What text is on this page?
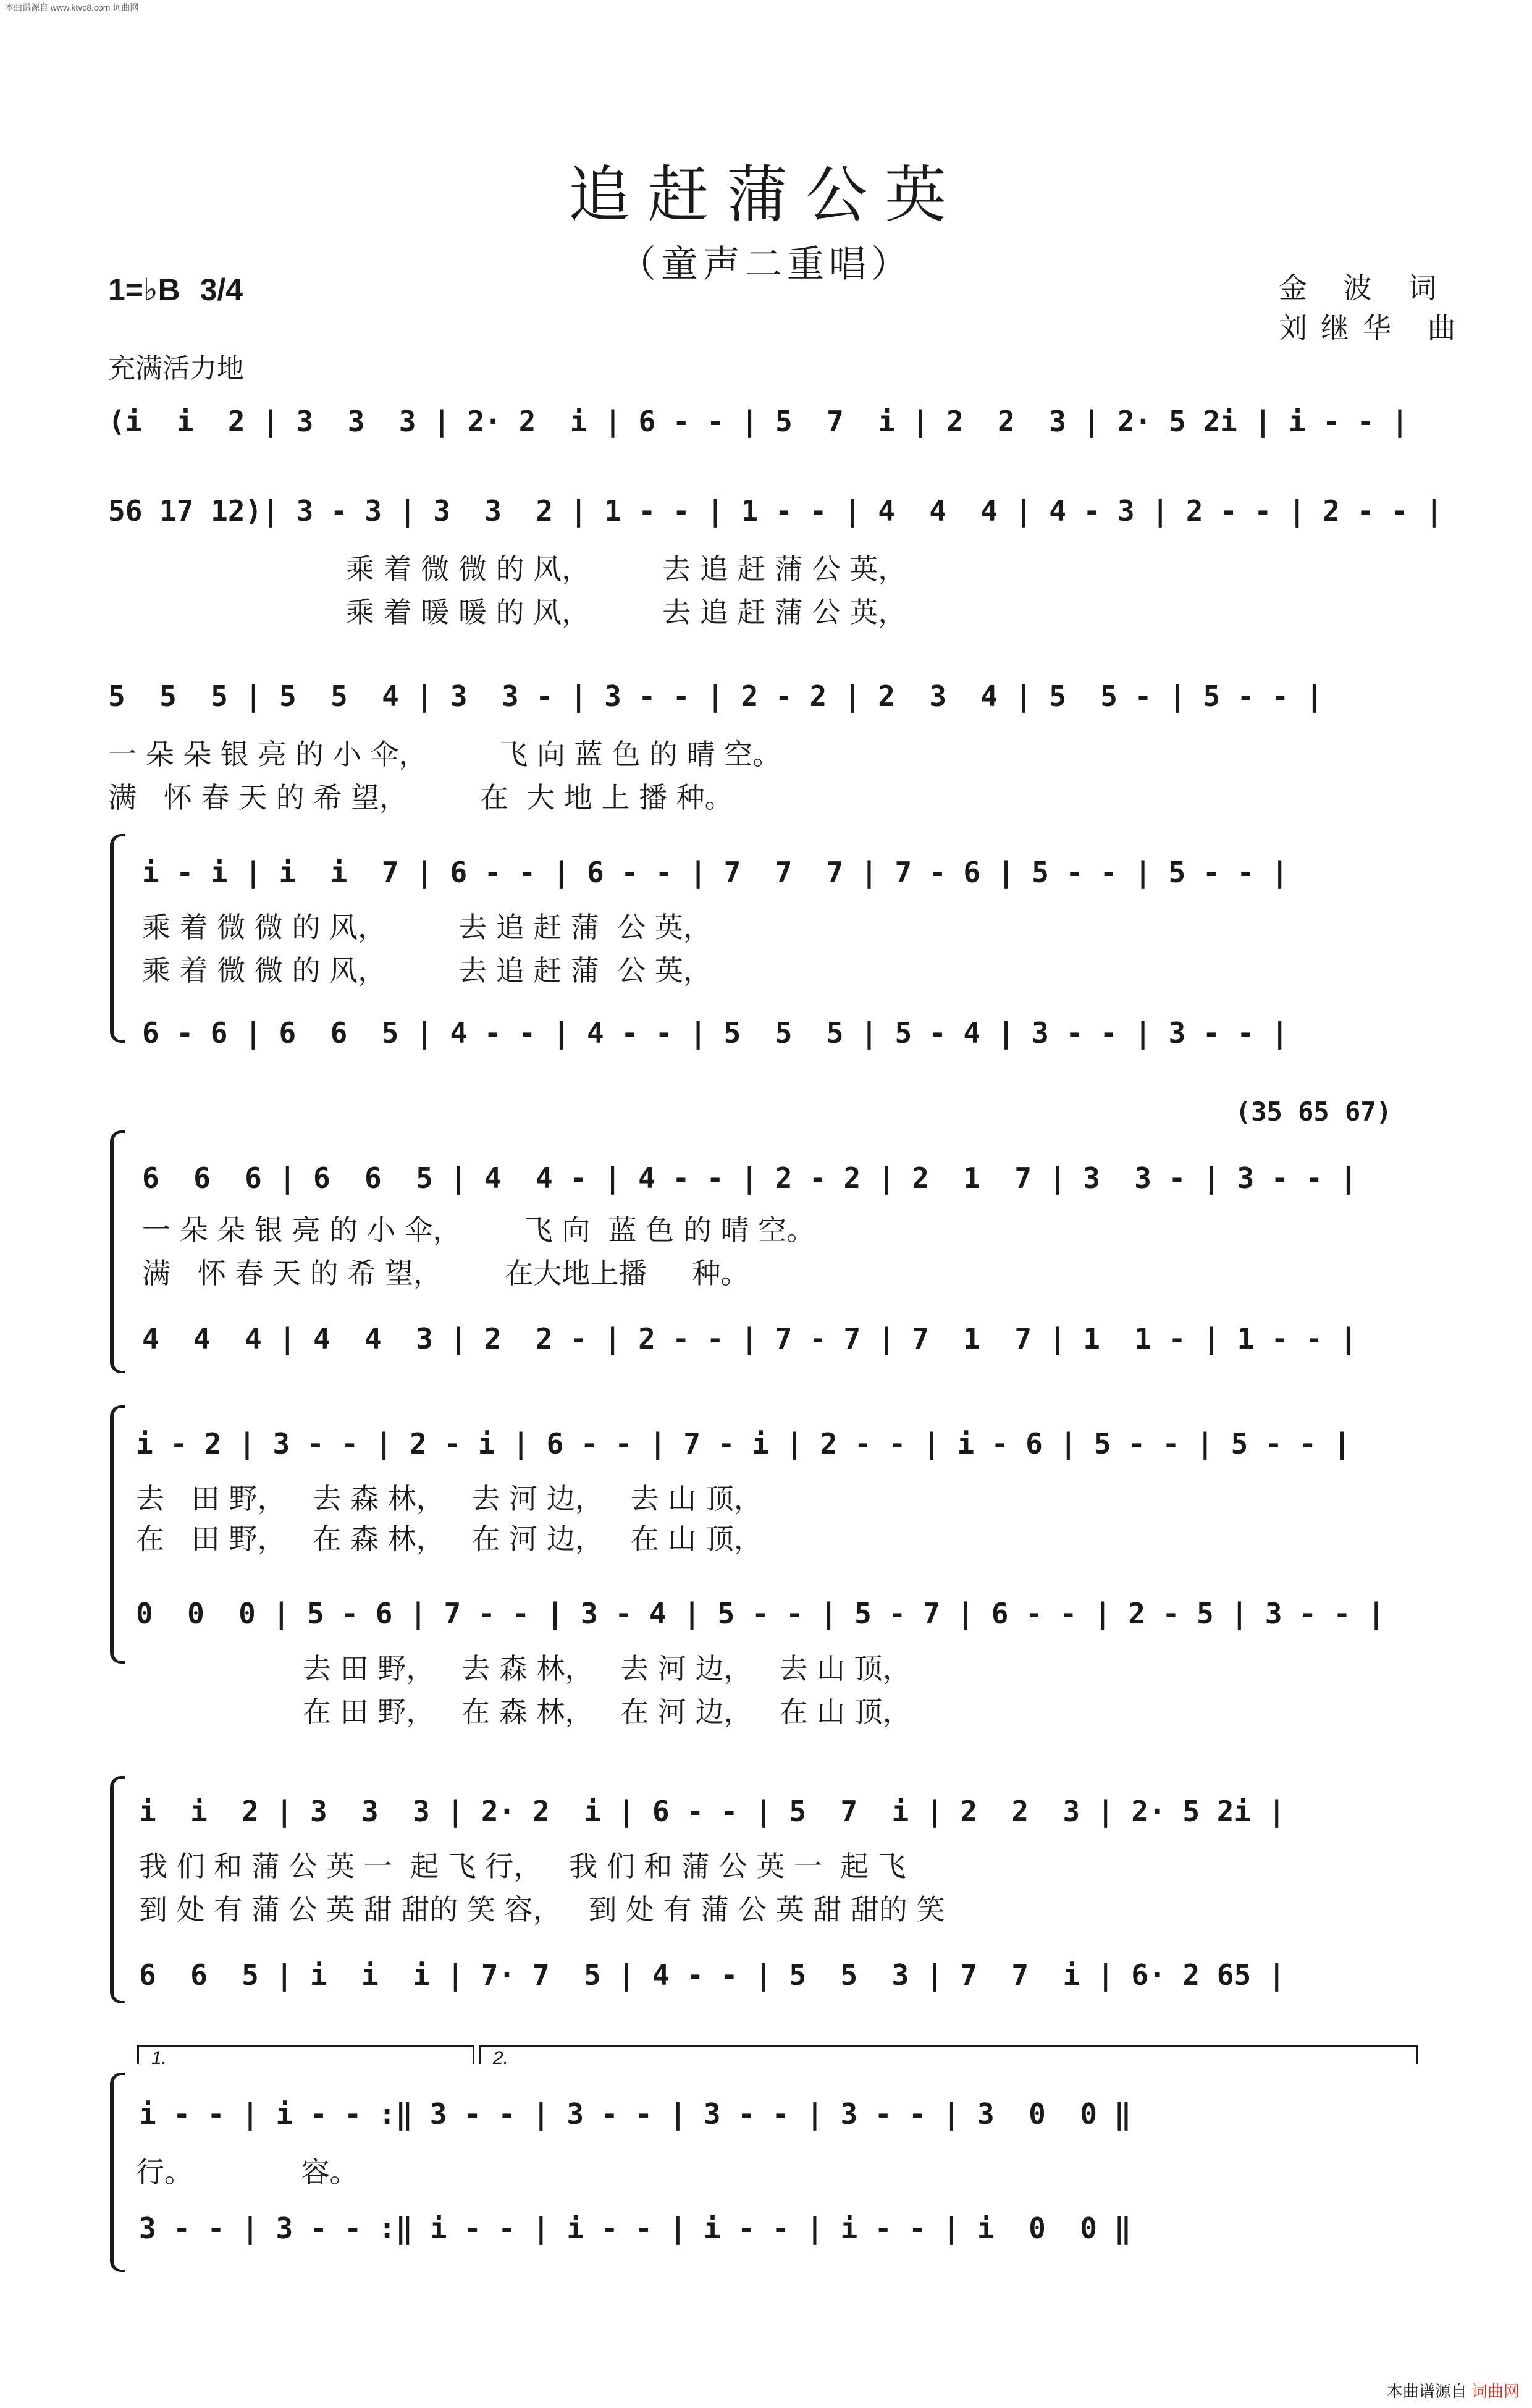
本曲谱源自 www.ktvc8.com 词曲网
追赶蒲公英
（童声二重唱）
金 波 词
刘继华 曲
1=♭B 3/4
充满活力地
(i  i  2 | 3  3  3 | 2· 2  i | 6 - - | 5  7  i | 2  2  3 | 2· 5 2i | i - - |
56 17 12)| 3 - 3 | 3  3  2 | 1 - - | 1 - - | 4  4  4 | 4 - 3 | 2 - - | 2 - - |
乘 着 微 微 的 风，        去 追 赶 蒲 公 英，
乘 着 暖 暖 的 风，        去 追 赶 蒲 公 英，
5  5  5 | 5  5  4 | 3  3 - | 3 - - | 2 - 2 | 2  3  4 | 5  5 - | 5 - - |
一 朵 朵 银 亮 的 小 伞，        飞 向 蓝 色 的 晴 空。
满   怀 春 天 的 希 望，        在  大 地 上 播 种。
i - i | i  i  7 | 6 - - | 6 - - | 7  7  7 | 7 - 6 | 5 - - | 5 - - |
乘 着 微 微 的 风，        去 追 赶 蒲  公 英，
乘 着 微 微 的 风，        去 追 赶 蒲  公 英，
6 - 6 | 6  6  5 | 4 - - | 4 - - | 5  5  5 | 5 - 4 | 3 - - | 3 - - |
(35 65 67)
6  6  6 | 6  6  5 | 4  4 - | 4 - - | 2 - 2 | 2  1  7 | 3  3 - | 3 - - |
一 朵 朵 银 亮 的 小 伞，       飞 向  蓝 色 的 晴 空。
满   怀 春 天 的 希 望，       在大地上播     种。
4  4  4 | 4  4  3 | 2  2 - | 2 - - | 7 - 7 | 7  1  7 | 1  1 - | 1 - - |
i - 2 | 3 - - | 2 - i | 6 - - | 7 - i | 2 - - | i - 6 | 5 - - | 5 - - |
去   田 野，   去 森 林，   去 河 边，   去 山 顶，
在   田 野，   在 森 林，   在 河 边，   在 山 顶，
0  0  0 | 5 - 6 | 7 - - | 3 - 4 | 5 - - | 5 - 7 | 6 - - | 2 - 5 | 3 - - |
去 田 野，   去 森 林，   去 河 边，   去 山 顶，
在 田 野，   在 森 林，   在 河 边，   在 山 顶，
i  i  2 | 3  3  3 | 2· 2  i | 6 - - | 5  7  i | 2  2  3 | 2· 5 2i |
我 们 和 蒲 公 英 一  起 飞 行，   我 们 和 蒲 公 英 一  起 飞
到 处 有 蒲 公 英 甜 甜的 笑 容，   到 处 有 蒲 公 英 甜 甜的 笑
6  6  5 | i  i  i | 7· 7  5 | 4 - - | 5  5  3 | 7  7  i | 6· 2 65 |
1.	2.
i - - | i - - :‖ 3 - - | 3 - - | 3 - - | 3 - - | 3  0  0 ‖
行。            容。
3 - - | 3 - - :‖ i - - | i - - | i - - | i - - | i  0  0 ‖
本曲谱源自 词曲网
